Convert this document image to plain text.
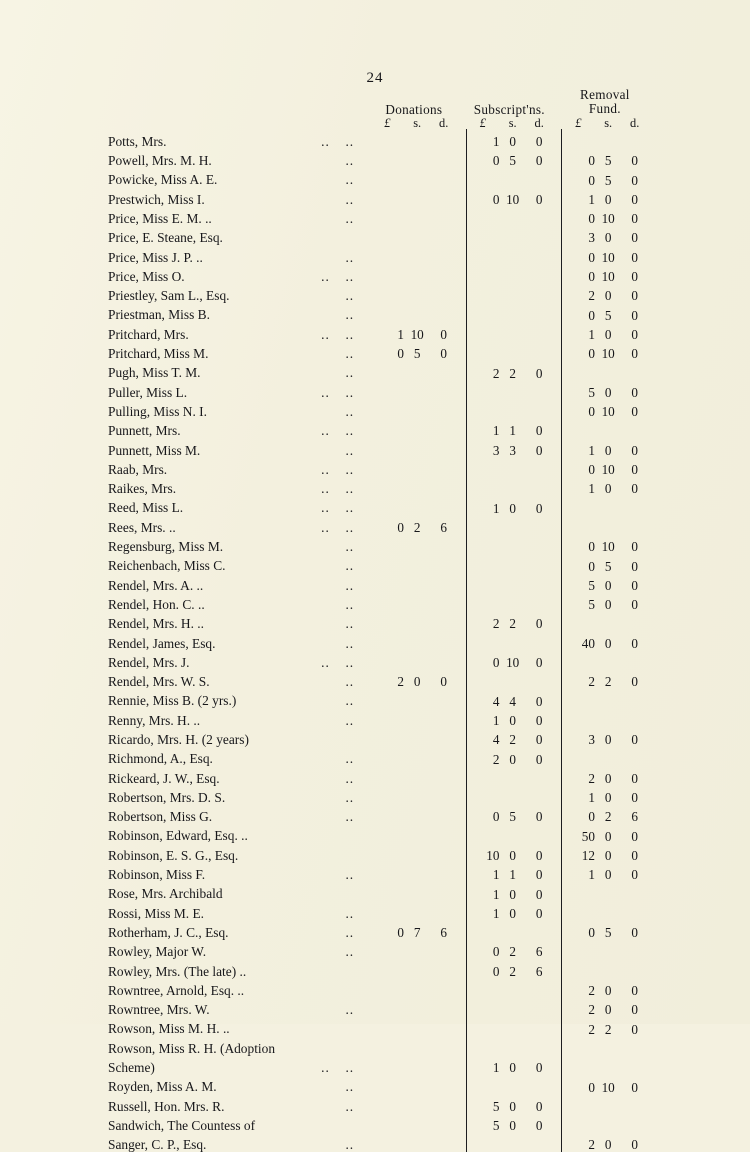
24
				Donations				Subscript'ns.				Removal
Fund.		
				£	s.	d.		£	s.	d.		£	s.	d.
Potts, Mrs.	..	..						1	0	0				
Powell, Mrs. M. H.		..						0	5	0		0	5	0
Powicke, Miss A. E.		..										0	5	0
Prestwich, Miss I.		..						0	10	0		1	0	0
Price, Miss E. M. ..		..										0	10	0
Price, E. Steane, Esq.												3	0	0
Price, Miss J. P. ..		..										0	10	0
Price, Miss O.	..	..										0	10	0
Priestley, Sam L., Esq.		..										2	0	0
Priestman, Miss B.		..										0	5	0
Pritchard, Mrs.	..	..		1	10	0						1	0	0
Pritchard, Miss M.		..		0	5	0						0	10	0
Pugh, Miss T. M.		..						2	2	0				
Puller, Miss L.	..	..										5	0	0
Pulling, Miss N. I.		..										0	10	0
Punnett, Mrs.	..	..						1	1	0				
Punnett, Miss M.		..						3	3	0		1	0	0
Raab, Mrs.	..	..										0	10	0
Raikes, Mrs.	..	..										1	0	0
Reed, Miss L.	..	..						1	0	0				
Rees, Mrs. ..	..	..		0	2	6								
Regensburg, Miss M.		..										0	10	0
Reichenbach, Miss C.		..										0	5	0
Rendel, Mrs. A. ..		..										5	0	0
Rendel, Hon. C. ..		..										5	0	0
Rendel, Mrs. H. ..		..						2	2	0				
Rendel, James, Esq.		..										40	0	0
Rendel, Mrs. J.	..	..						0	10	0				
Rendel, Mrs. W. S.		..		2	0	0						2	2	0
Rennie, Miss B. (2 yrs.)		..						4	4	0				
Renny, Mrs. H. ..		..						1	0	0				
Ricardo, Mrs. H. (2 years)								4	2	0		3	0	0
Richmond, A., Esq.		..						2	0	0				
Rickeard, J. W., Esq.		..										2	0	0
Robertson, Mrs. D. S.		..										1	0	0
Robertson, Miss G.		..						0	5	0		0	2	6
Robinson, Edward, Esq. ..												50	0	0
Robinson, E. S. G., Esq.								10	0	0		12	0	0
Robinson, Miss F.		..						1	1	0		1	0	0
Rose, Mrs. Archibald								1	0	0				
Rossi, Miss M. E.		..						1	0	0				
Rotherham, J. C., Esq.		..		0	7	6						0	5	0
Rowley, Major W.		..						0	2	6				
Rowley, Mrs. (The late) ..								0	2	6				
Rowntree, Arnold, Esq. ..												2	0	0
Rowntree, Mrs. W.		..										2	0	0
Rowson, Miss M. H. ..												2	2	0
Rowson, Miss R. H. (Adoption														
Scheme)	..	..						1	0	0				
Royden, Miss A. M.		..										0	10	0
Russell, Hon. Mrs. R.		..						5	0	0				
Sandwich, The Countess of								5	0	0				
Sanger, C. P., Esq.		..										2	0	0
